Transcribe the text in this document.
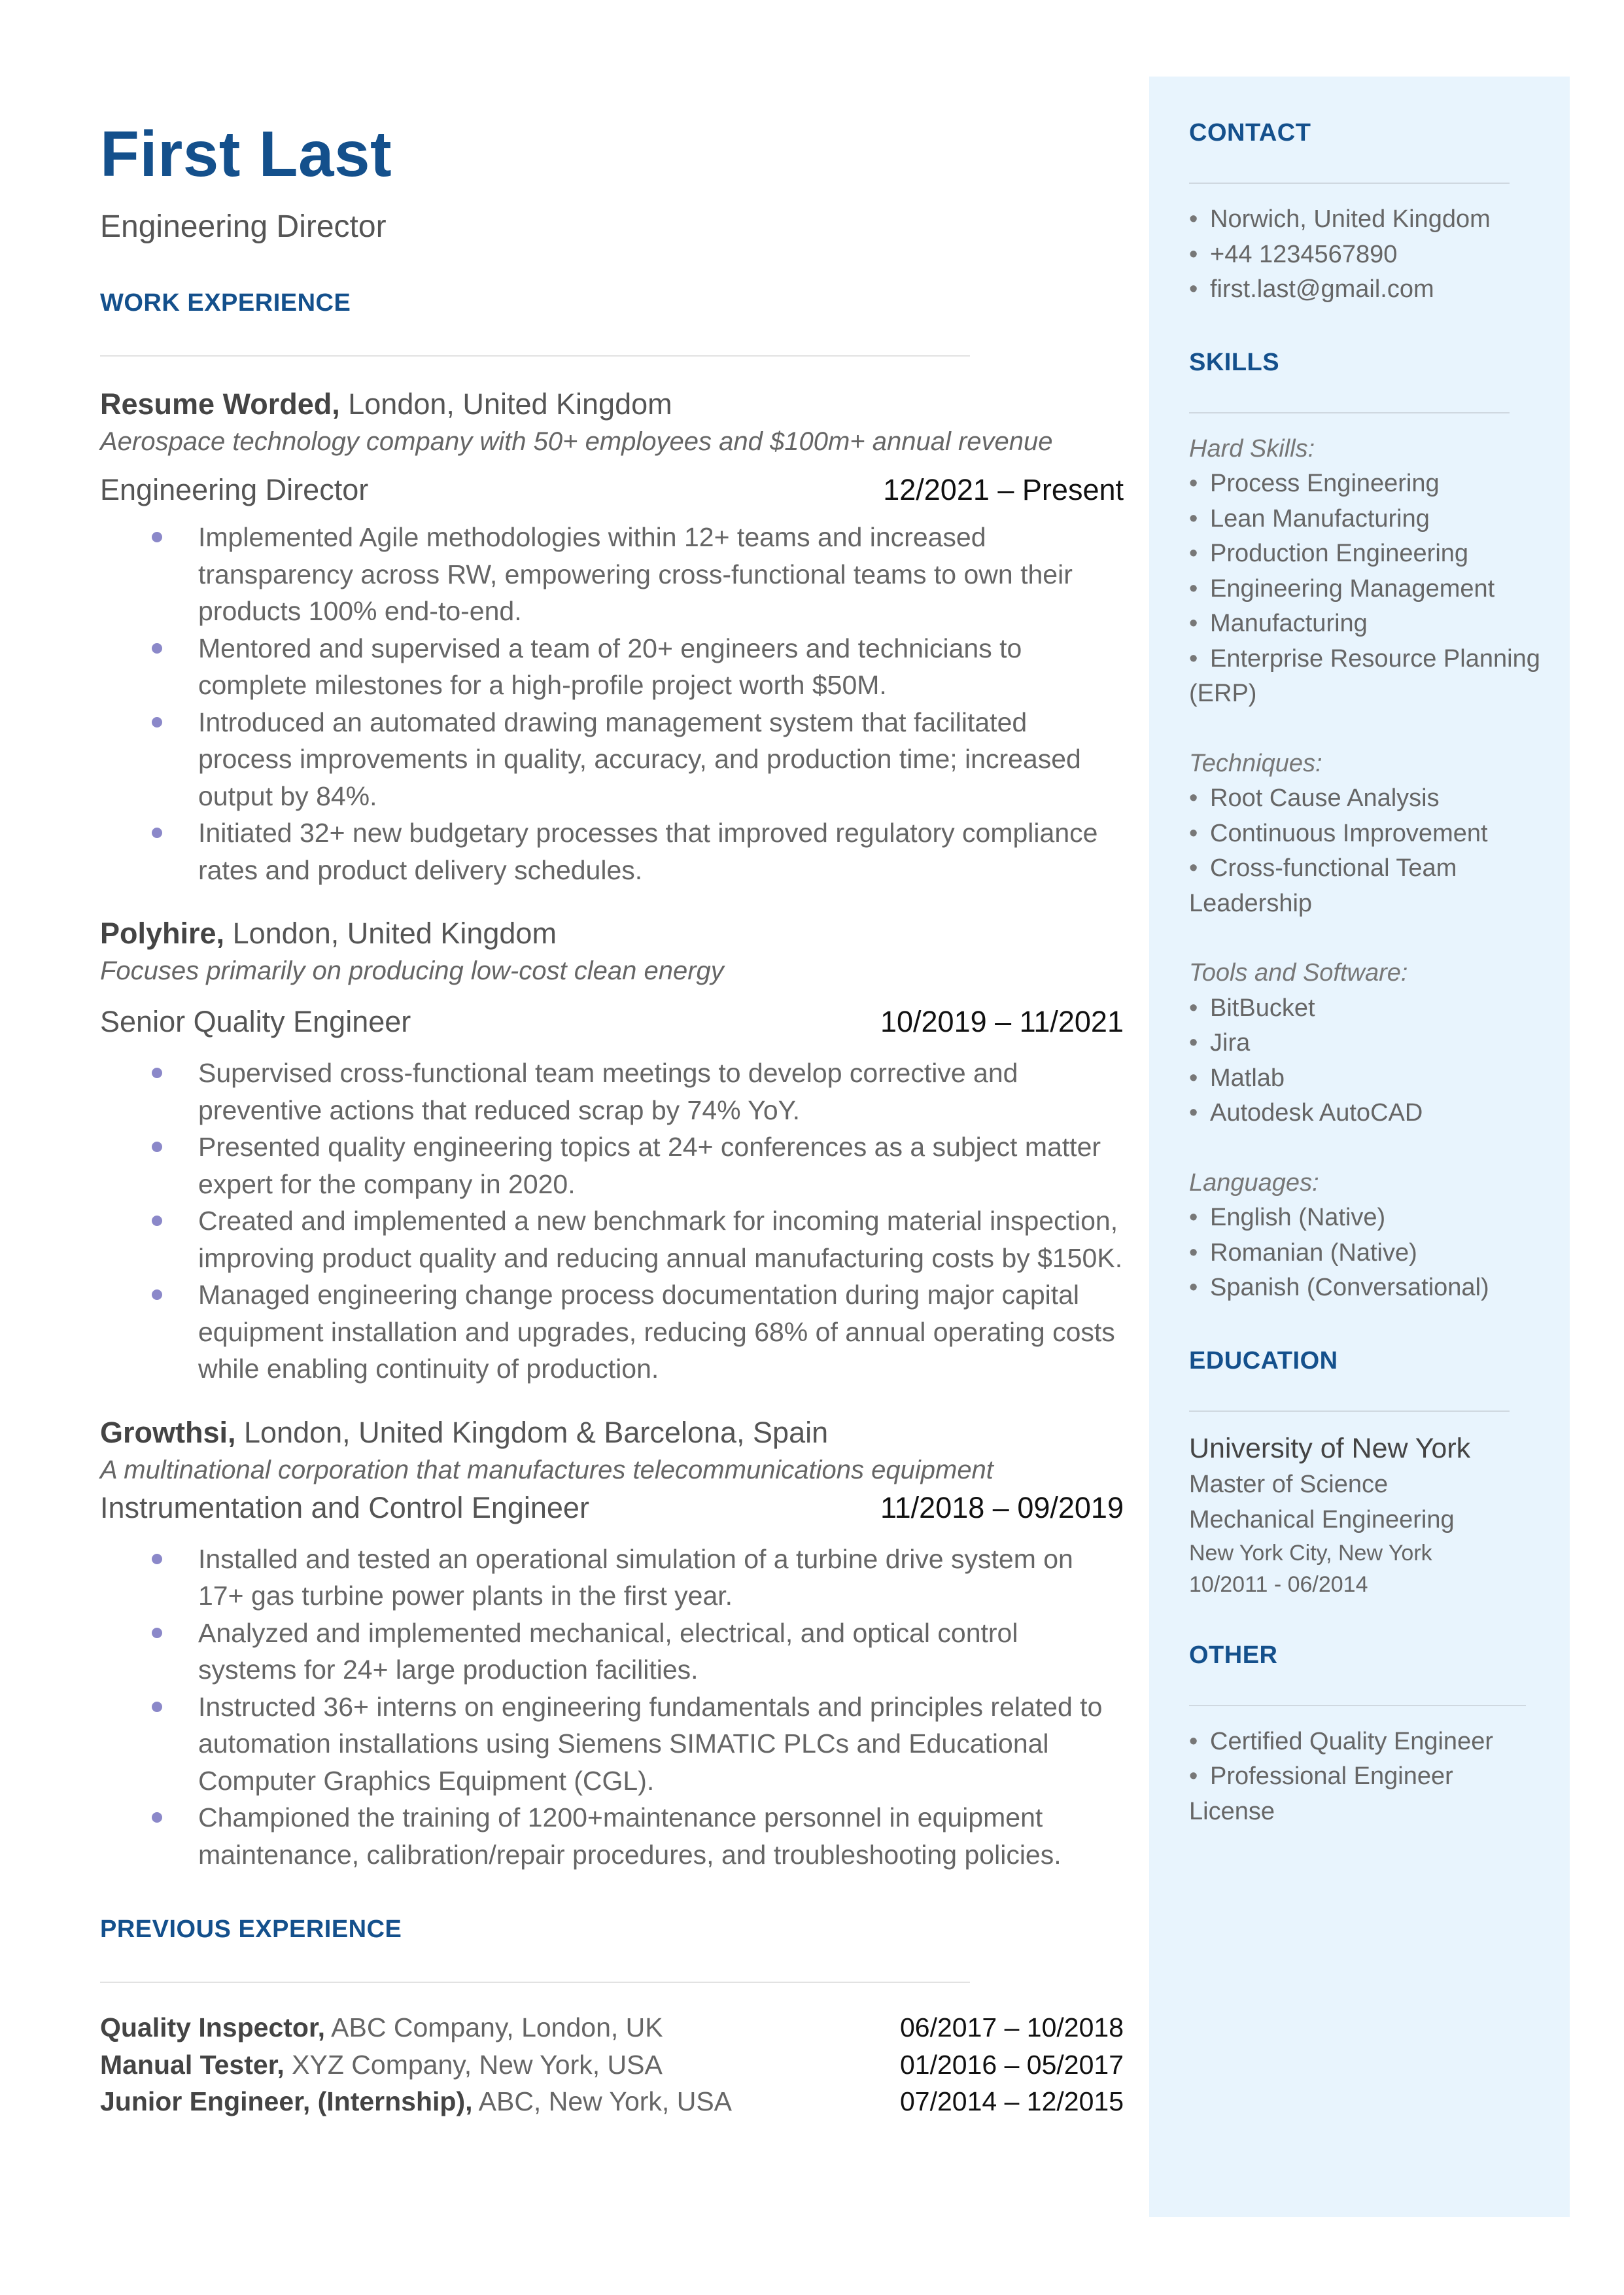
First Last
Engineering Director
WORK EXPERIENCE
Resume Worded, London, United Kingdom
Aerospace technology company with 50+ employees and $100m+ annual revenue
Engineering Director	12/2021 – Present
Implemented Agile methodologies within 12+ teams and increased transparency across RW, empowering cross-functional teams to own their products 100% end-to-end.
Mentored and supervised a team of 20+ engineers and technicians to complete milestones for a high-profile project worth $50M.
Introduced an automated drawing management system that facilitated process improvements in quality, accuracy, and production time; increased output by 84%.
Initiated 32+ new budgetary processes that improved regulatory compliance rates and product delivery schedules.
Polyhire, London, United Kingdom
Focuses primarily on producing low-cost clean energy
Senior Quality Engineer	10/2019 – 11/2021
Supervised cross-functional team meetings to develop corrective and preventive actions that reduced scrap by 74% YoY.
Presented quality engineering topics at 24+ conferences as a subject matter expert for the company in 2020.
Created and implemented a new benchmark for incoming material inspection, improving product quality and reducing annual manufacturing costs by $150K.
Managed engineering change process documentation during major capital equipment installation and upgrades, reducing 68% of annual operating costs while enabling continuity of production.
Growthsi, London, United Kingdom & Barcelona, Spain
A multinational corporation that manufactures telecommunications equipment
Instrumentation and Control Engineer	11/2018 – 09/2019
Installed and tested an operational simulation of a turbine drive system on 17+ gas turbine power plants in the first year.
Analyzed and implemented mechanical, electrical, and optical control systems for 24+ large production facilities.
Instructed 36+ interns on engineering fundamentals and principles related to automation installations using Siemens SIMATIC PLCs and Educational Computer Graphics Equipment (CGL).
Championed the training of 1200+maintenance personnel in equipment maintenance, calibration/repair procedures, and troubleshooting policies.
PREVIOUS EXPERIENCE
Quality Inspector, ABC Company, London, UK	06/2017 – 10/2018
Manual Tester, XYZ Company, New York, USA	01/2016 – 05/2017
Junior Engineer, (Internship), ABC, New York, USA	07/2014 – 12/2015
CONTACT
• Norwich, United Kingdom
• +44 1234567890
• first.last@gmail.com
SKILLS
Hard Skills:
• Process Engineering
• Lean Manufacturing
• Production Engineering
• Engineering Management
• Manufacturing
• Enterprise Resource Planning
(ERP)
Techniques:
• Root Cause Analysis
• Continuous Improvement
• Cross-functional Team
Leadership
Tools and Software:
• BitBucket
• Jira
• Matlab
• Autodesk AutoCAD
Languages:
• English (Native)
• Romanian (Native)
• Spanish (Conversational)
EDUCATION
University of New York
Master of Science
Mechanical Engineering
New York City, New York
10/2011 - 06/2014
OTHER
• Certified Quality Engineer
• Professional Engineer
License
